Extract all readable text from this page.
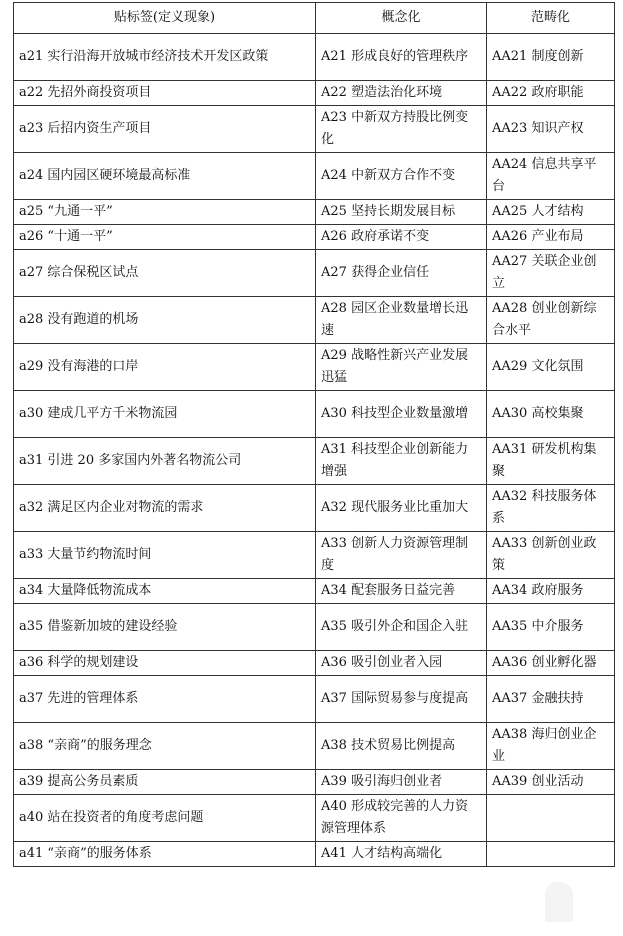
贴标签(定义现象)	概念化	范畴化
a21 实行沿海开放城市经济技术开发区政策	A21 形成良好的管理秩序	AA21 制度创新
a22 先招外商投资项目	A22 塑造法治化环境	AA22 政府职能
a23 后招内资生产项目	A23 中新双方持股比例变化	AA23 知识产权
a24 国内园区硬环境最高标准	A24 中新双方合作不变	AA24 信息共享平台
a25 “九通一平”	A25 坚持长期发展目标	AA25 人才结构
a26 “十通一平”	A26 政府承诺不变	AA26 产业布局
a27 综合保税区试点	A27 获得企业信任	AA27 关联企业创立
a28 没有跑道的机场	A28 园区企业数量增长迅速	AA28 创业创新综合水平
a29 没有海港的口岸	A29 战略性新兴产业发展迅猛	AA29 文化氛围
a30 建成几平方千米物流园	A30 科技型企业数量激增	AA30 高校集聚
a31 引进 20 多家国内外著名物流公司	A31 科技型企业创新能力增强	AA31 研发机构集聚
a32 满足区内企业对物流的需求	A32 现代服务业比重加大	AA32 科技服务体系
a33 大量节约物流时间	A33 创新人力资源管理制度	AA33 创新创业政策
a34 大量降低物流成本	A34 配套服务日益完善	AA34 政府服务
a35 借鉴新加坡的建设经验	A35 吸引外企和国企入驻	AA35 中介服务
a36 科学的规划建设	A36 吸引创业者入园	AA36 创业孵化器
a37 先进的管理体系	A37 国际贸易参与度提高	AA37 金融扶持
a38 “亲商”的服务理念	A38 技术贸易比例提高	AA38 海归创业企业
a39 提高公务员素质	A39 吸引海归创业者	AA39 创业活动
a40 站在投资者的角度考虑问题	A40 形成较完善的人力资源管理体系	
a41 “亲商”的服务体系	A41 人才结构高端化	
